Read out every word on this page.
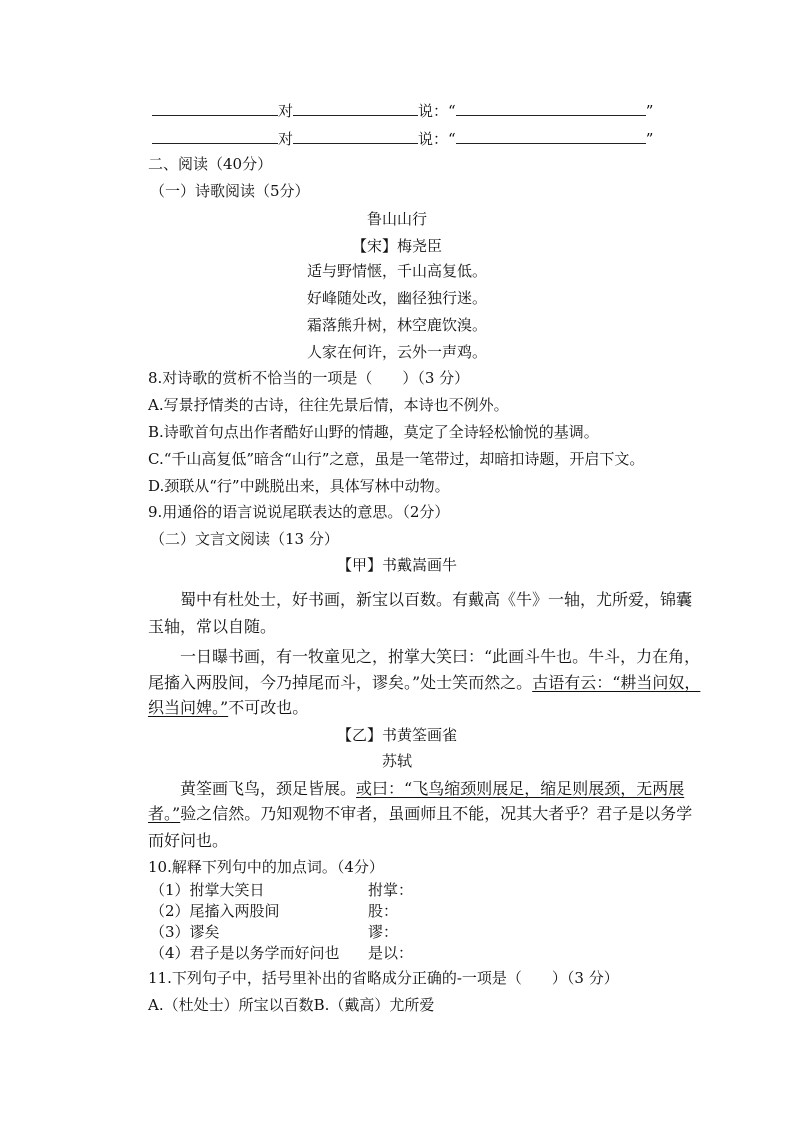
对	说：“	”
对	说：“	”
二、阅读（40分）
（一）诗歌阅读（5分）
鲁山山行
【宋】梅尧臣
适与野情惬，千山高复低。
好峰随处改，幽径独行迷。
霜落熊升树，林空鹿饮溴。
人家在何许，云外一声鸡。
8.对诗歌的赏析不恰当的一项是（　　）（3 分）
A.写景抒情类的古诗，往往先景后情，本诗也不例外。
B.诗歌首句点出作者酷好山野的情趣，莫定了全诗轻松愉悦的基调。
C.“千山高复低”暗含“山行”之意，虽是一笔带过，却暗扣诗题，开启下文。
D.颈联从“行”中跳脱出来，具体写林中动物。
9.用通俗的语言说说尾联表达的意思。（2分）
（二）文言文阅读（13 分）
【甲】书戴嵩画牛
蜀中有杜处士，好书画，新宝以百数。有戴高《牛》一轴，尤所爱，锦囊
玉轴，常以自随。
一日曝书画，有一牧童见之，拊掌大笑曰：“此画斗牛也。牛斗，力在角，
尾搐入两股间，今乃掉尾而斗，谬矣。”处士笑而然之。古语有云：“耕当问奴，
织当问婢。”不可改也。
【乙】书黄筌画雀
苏轼
黄筌画飞鸟，颈足皆展。或曰：“飞鸟缩颈则展足，缩足则展颈，无两展
者。”验之信然。乃知观物不审者，虽画师且不能，况其大者乎？君子是以务学
而好问也。
10.解释下列句中的加点词。（4分）
（1）拊掌大笑日	拊掌：
（2）尾搐入两股间	股：
（3）谬矣	谬：
（4）君子是以务学而好问也 是以：
11.下列句子中，括号里补出的省略成分正确的-一项是（　　）（3 分）
A.（杜处士）所宝以百数B.（戴高）尤所爱
